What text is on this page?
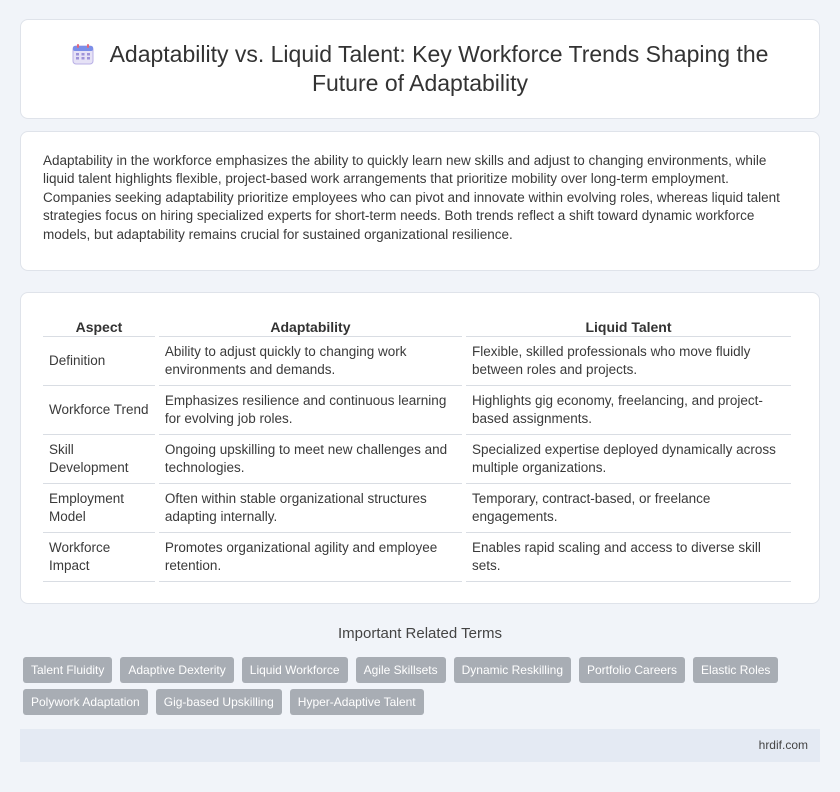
Adaptability vs. Liquid Talent: Key Workforce Trends Shaping the Future of Adaptability

Adaptability in the workforce emphasizes the ability to quickly learn new skills and adjust to changing environments, while liquid talent highlights flexible, project-based work arrangements that prioritize mobility over long-term employment. Companies seeking adaptability prioritize employees who can pivot and innovate within evolving roles, whereas liquid talent strategies focus on hiring specialized experts for short-term needs. Both trends reflect a shift toward dynamic workforce models, but adaptability remains crucial for sustained organizational resilience.

Aspect	Adaptability	Liquid Talent
Definition	Ability to adjust quickly to changing work environments and demands.	Flexible, skilled professionals who move fluidly between roles and projects.
Workforce Trend	Emphasizes resilience and continuous learning for evolving job roles.	Highlights gig economy, freelancing, and project-based assignments.
Skill Development	Ongoing upskilling to meet new challenges and technologies.	Specialized expertise deployed dynamically across multiple organizations.
Employment Model	Often within stable organizational structures adapting internally.	Temporary, contract-based, or freelance engagements.
Workforce Impact	Promotes organizational agility and employee retention.	Enables rapid scaling and access to diverse skill sets.
Important Related Terms
Talent Fluidity	Adaptive Dexterity	Liquid Workforce	Agile Skillsets	Dynamic Reskilling	Portfolio Careers	Elastic Roles
Polywork Adaptation	Gig-based Upskilling	Hyper-Adaptive Talent
hrdif.com
